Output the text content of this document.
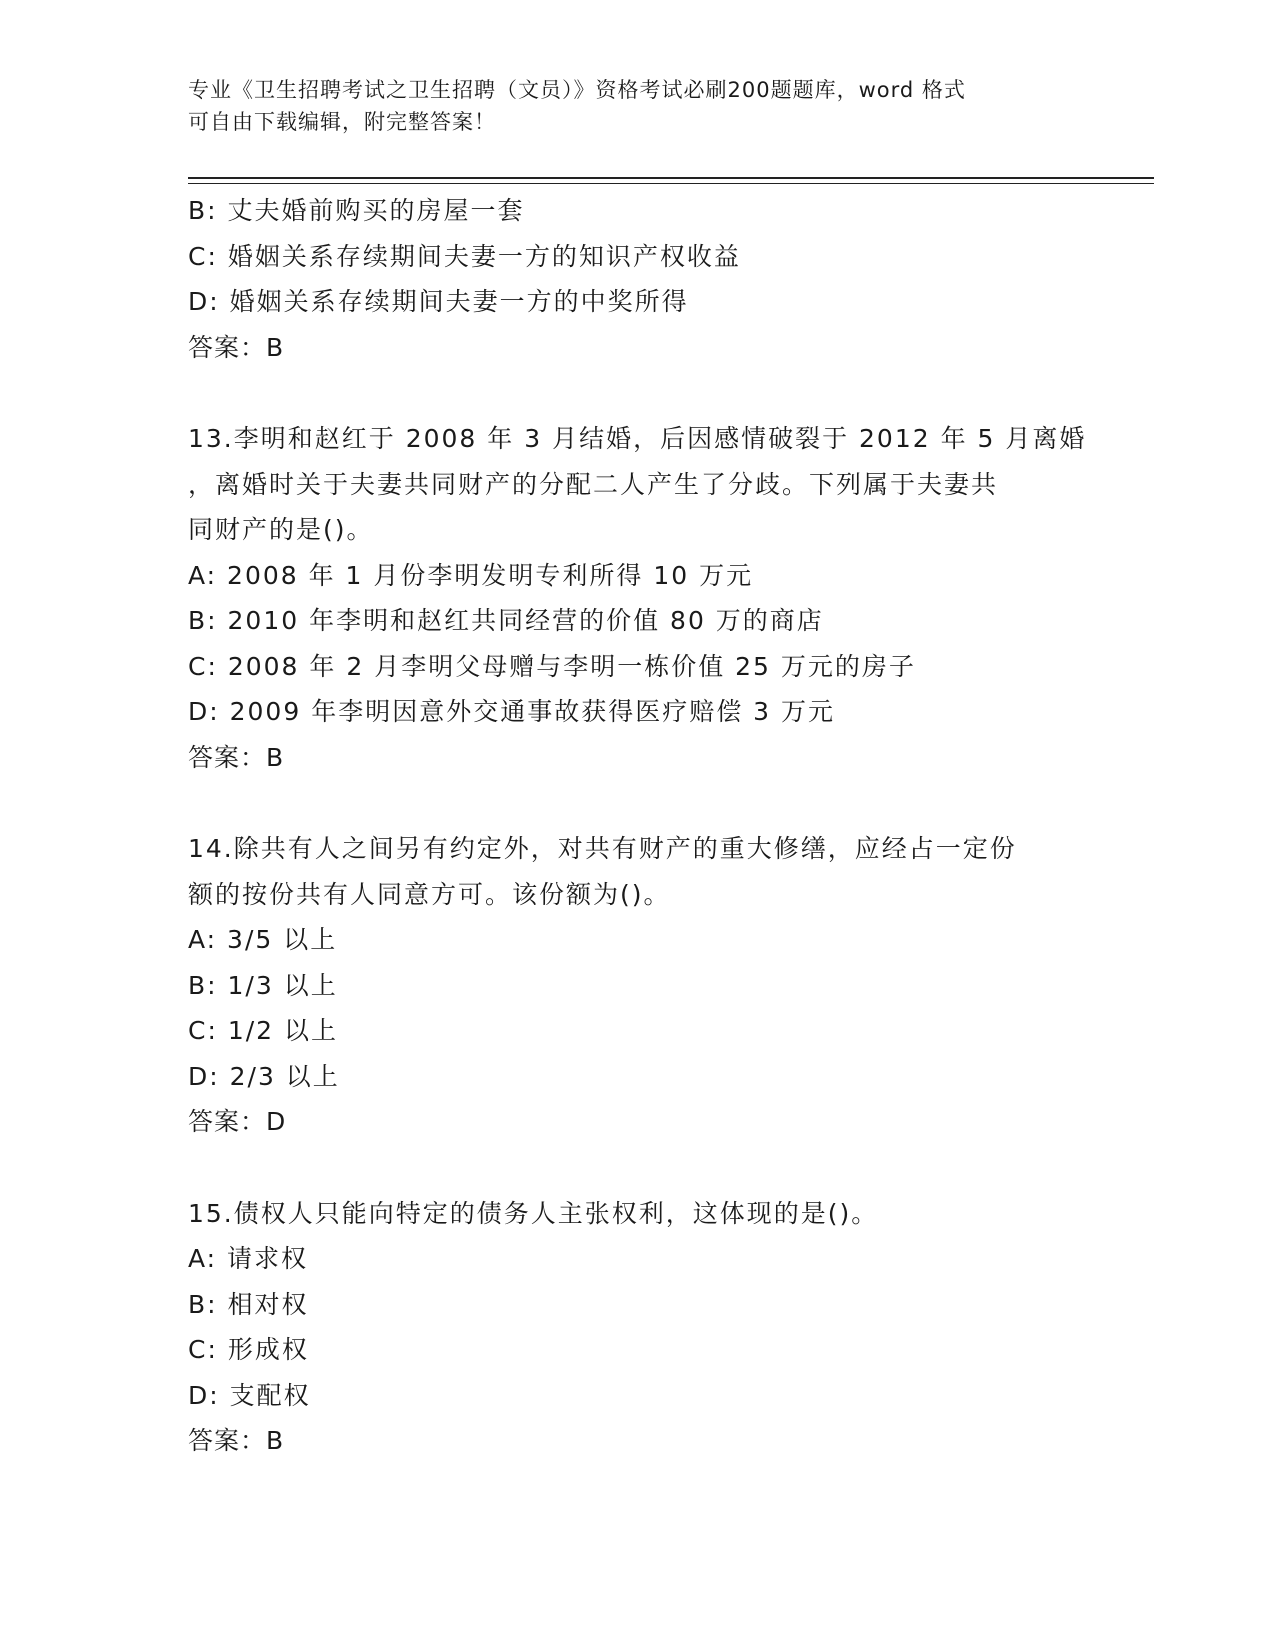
专业《卫生招聘考试之卫生招聘（文员）》资格考试必刷200题题库，word 格式
可自由下载编辑，附完整答案！
B: 丈夫婚前购买的房屋一套
C: 婚姻关系存续期间夫妻一方的知识产权收益
D: 婚姻关系存续期间夫妻一方的中奖所得
答案：B
13.李明和赵红于 2008 年 3 月结婚，后因感情破裂于 2012 年 5 月离婚
，离婚时关于夫妻共同财产的分配二人产生了分歧。下列属于夫妻共
同财产的是()。
A: 2008 年 1 月份李明发明专利所得 10 万元
B: 2010 年李明和赵红共同经营的价值 80 万的商店
C: 2008 年 2 月李明父母赠与李明一栋价值 25 万元的房子
D: 2009 年李明因意外交通事故获得医疗赔偿 3 万元
答案：B
14.除共有人之间另有约定外，对共有财产的重大修缮，应经占一定份
额的按份共有人同意方可。该份额为()。
A: 3/5 以上
B: 1/3 以上
C: 1/2 以上
D: 2/3 以上
答案：D
15.债权人只能向特定的债务人主张权利，这体现的是()。
A: 请求权
B: 相对权
C: 形成权
D: 支配权
答案：B
